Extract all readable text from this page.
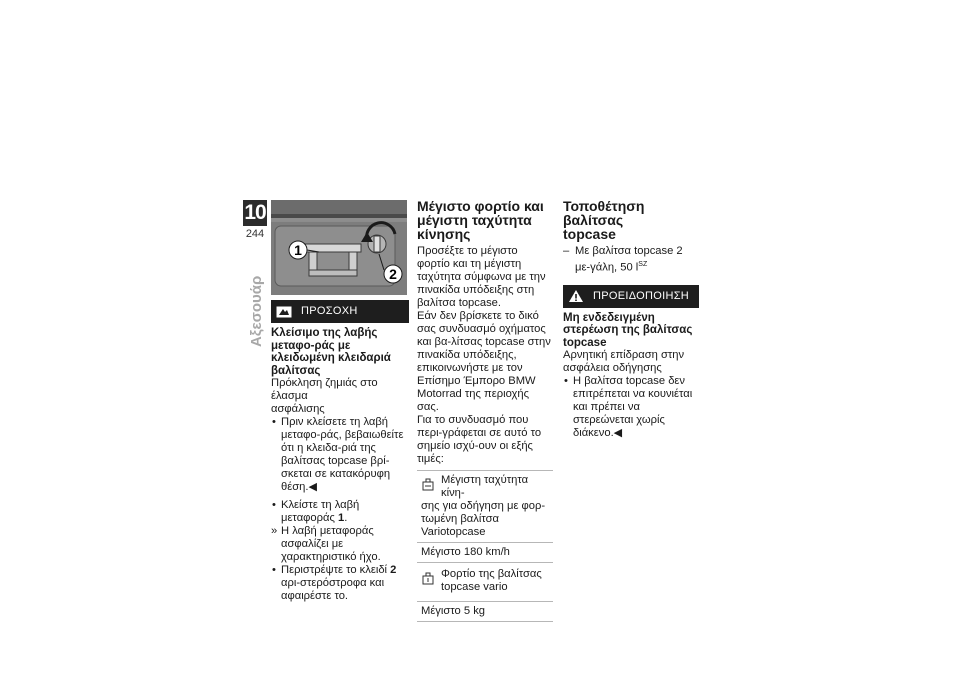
10
244
Αξεσουάρ
1
2
ΠΡΟΣΟΧΗ
Κλείσιμο της λαβής μεταφο-ράς με κλειδωμένη κλειδαριά βαλίτσας
Πρόκληση ζημιάς στο έλασμα
ασφάλισης
• Πριν κλείσετε τη λαβή μεταφο-ράς, βεβαιωθείτε ότι η κλειδα-ριά της βαλίτσας topcase βρί-σκεται σε κατακόρυφη θέση.◀
• Κλείστε τη λαβή μεταφοράς 1.
» Η λαβή μεταφοράς ασφαλίζει με χαρακτηριστικό ήχο.
• Περιστρέψτε το κλειδί 2 αρι-στερόστροφα και αφαιρέστε το.
Μέγιστο φορτίο και
μέγιστη ταχύτητα κίνησης
Προσέξτε το μέγιστο φορτίο και τη μέγιστη ταχύτητα σύμφωνα με την πινακίδα υπόδειξης στη βαλίτσα topcase.
Εάν δεν βρίσκετε το δικό σας συνδυασμό οχήματος και βα-λίτσας topcase στην πινακίδα υπόδειξης, επικοινωνήστε με τον Επίσημο Έμπορο BMW Motorrad της περιοχής σας.
Για το συνδυασμό που περι-γράφεται σε αυτό το σημείο ισχύ-ουν οι εξής τιμές:
Μέγιστη ταχύτητα κίνη-
σης για οδήγηση με φορ-τωμένη βαλίτσα Variotopcase
Μέγιστο 180 km/h
Φορτίο της βαλίτσας
topcase vario
Μέγιστο 5 kg
Τοποθέτηση βαλίτσας
topcase
– Με βαλίτσα topcase 2 με-γάλη, 50 $l^{SZ}$
ΠΡΟΕΙΔΟΠΟΙΗΣΗ
Μη ενδεδειγμένη στερέωση της βαλίτσας topcase
Αρνητική επίδραση στην
ασφάλεια οδήγησης
• Η βαλίτσα topcase δεν επιτρέπεται να κουνιέται και πρέπει να στερεώνεται χωρίς διάκενο.◀
